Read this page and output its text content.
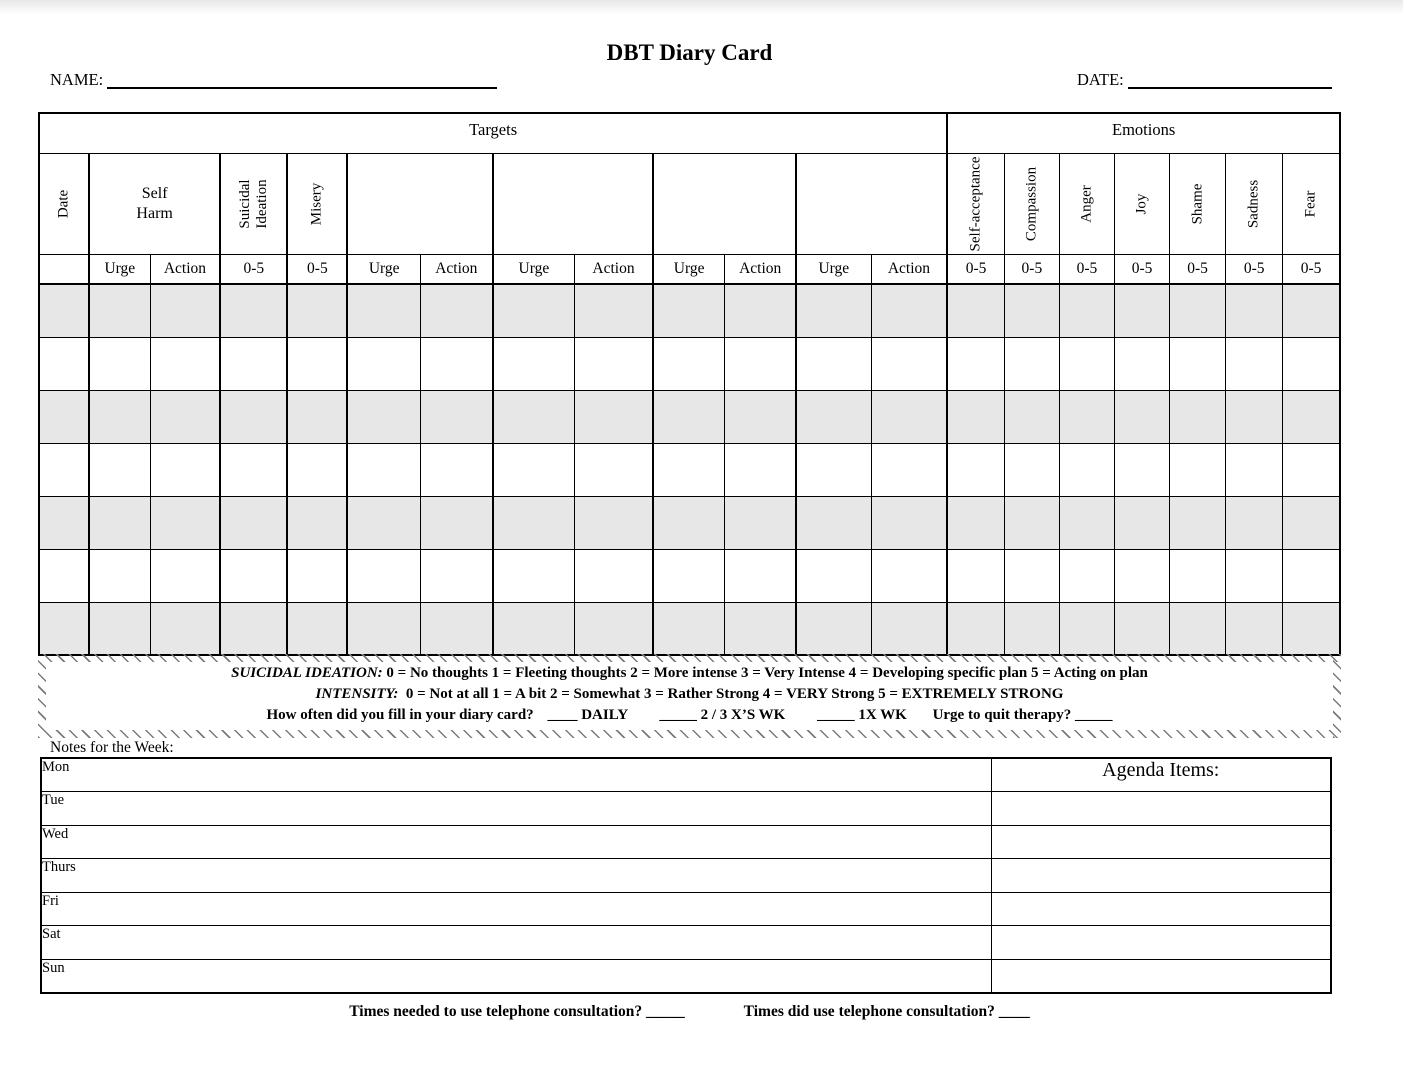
DBT Diary Card
NAME:	DATE:
Targets													Emotions						

Date	Self Harm		Suicidal Ideation	Misery									Self-acceptance	Compassion	Anger	Joy	Shame	Sadness	Fear

	Urge	Action	0-5	0-5	Urge	Action	Urge	Action	Urge	Action	Urge	Action	0-5	0-5	0-5	0-5	0-5	0-5	0-5

SUICIDAL IDEATION: 0 = No thoughts 1 = Fleeting thoughts 2 = More intense 3 = Very Intense 4 = Developing specific plan 5 = Acting on plan
INTENSITY: 0 = Not at all 1 = A bit 2 = Somewhat 3 = Rather Strong 4 = VERY Strong 5 = EXTREMELY STRONG
How often did you fill in your diary card? ____ DAILY _____ 2 / 3 X’S WK _____ 1X WK Urge to quit therapy? _____
Notes for the Week:
Mon	Agenda Items:
Tue	
Wed	
Thurs	
Fri	
Sat	
Sun	
Times needed to use telephone consultation? _____	Times did use telephone consultation? ____
